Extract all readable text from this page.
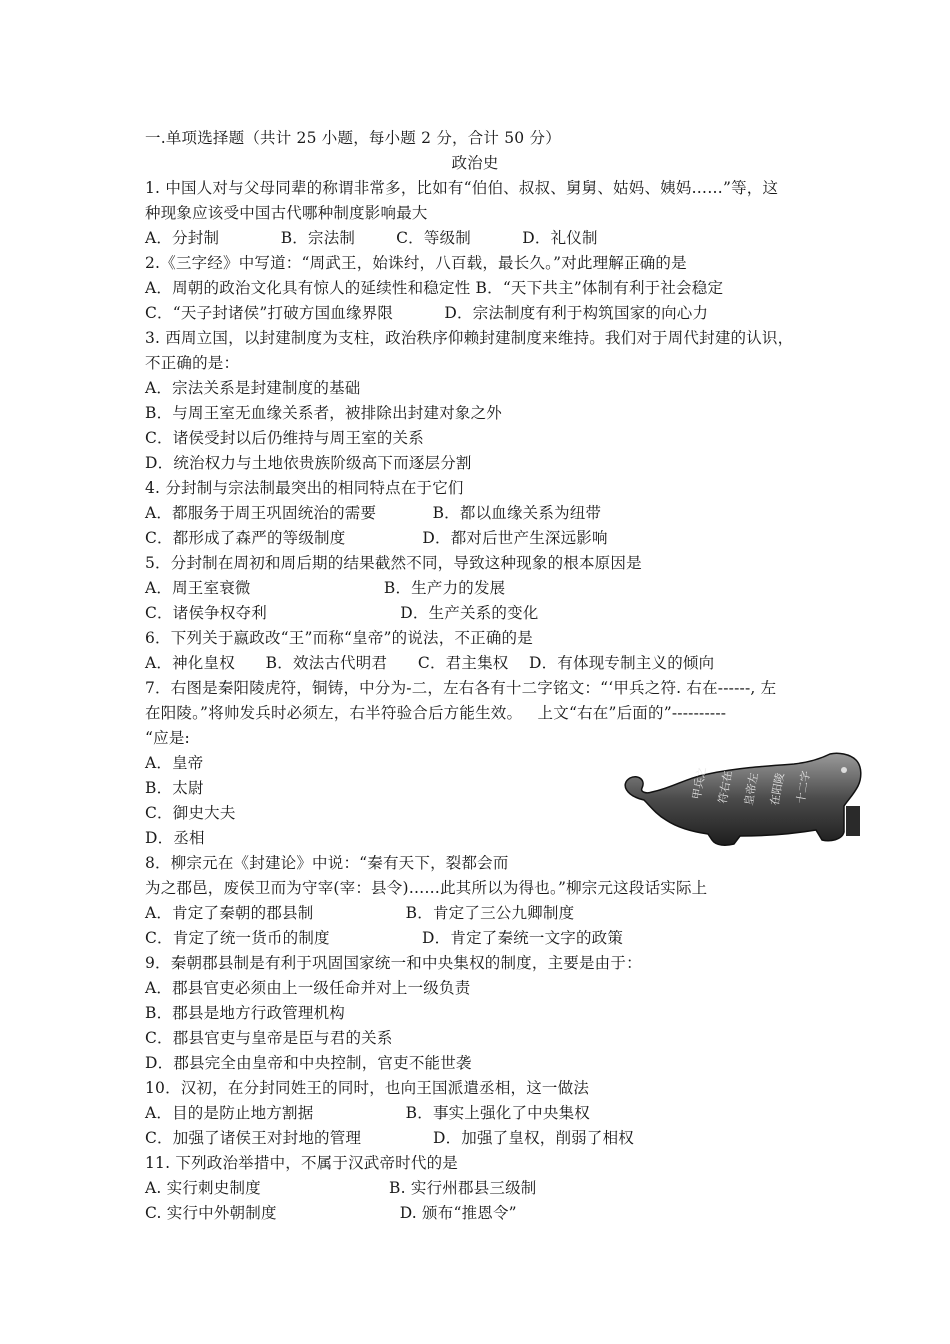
一.单项选择题（共计 25 小题，每小题 2 分，合计 50 分）
政治史
1. 中国人对与父母同辈的称谓非常多，比如有“伯伯、叔叔、舅舅、姑妈、姨妈……”等，这
种现象应该受中国古代哪种制度影响最大
A．分封制            B．宗法制        C．等级制          D．礼仪制
2.《三字经》中写道：“周武王，始诛纣，八百载，最长久。”对此理解正确的是
A．周朝的政治文化具有惊人的延续性和稳定性 B．“天下共主”体制有利于社会稳定
C．“天子封诸侯”打破方国血缘界限          D．宗法制度有利于构筑国家的向心力
3. 西周立国，以封建制度为支柱，政治秩序仰赖封建制度来维持。我们对于周代封建的认识，
不正确的是：
A．宗法关系是封建制度的基础
B．与周王室无血缘关系者，被排除出封建对象之外
C．诸侯受封以后仍维持与周王室的关系
D．统治权力与土地依贵族阶级高下而逐层分割
4. 分封制与宗法制最突出的相同特点在于它们
A．都服务于周王巩固统治的需要           B．都以血缘关系为纽带
C．都形成了森严的等级制度               D．都对后世产生深远影响
5．分封制在周初和周后期的结果截然不同，导致这种现象的根本原因是
A．周王室衰微                          B．生产力的发展
C．诸侯争权夺利                          D．生产关系的变化
6．下列关于嬴政改“王”而称“皇帝”的说法，不正确的是
A．神化皇权      B．效法古代明君      C．君主集权    D．有体现专制主义的倾向
7．右图是秦阳陵虎符，铜铸，中分为-二，左右各有十二字铭文：“‘甲兵之符. 右在------, 左
在阳陵。”将帅发兵时必须左，右半符验合后方能生效。   上文“右在”后面的”----------
“应是:
A．皇帝
B．太尉
C．御史大夫
D．丞相
8．柳宗元在《封建论》中说：“秦有天下，裂都会而
为之郡邑，废侯卫而为守宰(宰：县令)……此其所以为得也。”柳宗元这段话实际上
A．肯定了秦朝的郡县制                  B．肯定了三公九卿制度
C．肯定了统一货币的制度                  D．肯定了秦统一文字的政策
9．秦朝郡县制是有利于巩固国家统一和中央集权的制度，主要是由于：
A．郡县官吏必须由上一级任命并对上一级负责
B．郡县是地方行政管理机构
C．郡县官吏与皇帝是臣与君的关系
D．郡县完全由皇帝和中央控制，官吏不能世袭
10．汉初，在分封同姓王的同时，也向王国派遣丞相，这一做法
A．目的是防止地方割据                  B．事实上强化了中央集权
C．加强了诸侯王对封地的管理              D．加强了皇权，削弱了相权
11. 下列政治举措中，不属于汉武帝时代的是
A. 实行刺史制度                         B. 实行州郡县三级制
C. 实行中外朝制度                        D. 颁布“推恩令”
甲兵之 符右在 皇帝左 在阳陵 十二字
